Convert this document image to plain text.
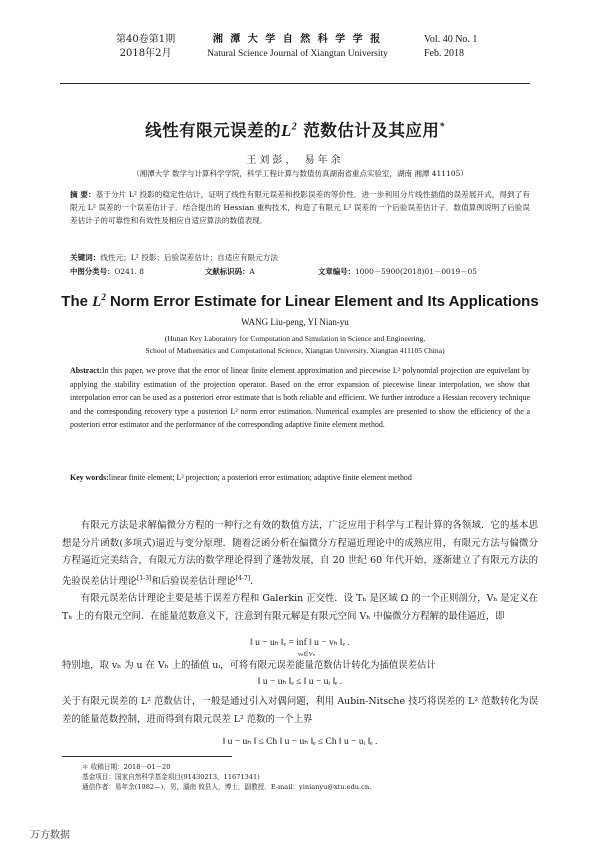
第40卷第1期
2018年2月
湘 潭 大 学 自 然 科 学 学 报
Natural Science Journal of Xiangtan University
Vol. 40 No. 1
Feb. 2018
线性有限元误差的$L^2$ 范数估计及其应用*
王刘彭， 易年余
（湘潭大学 数学与计算科学学院，科学工程计算与数值仿真湖南省重点实验室，湖南 湘潭 411105）
摘 要：基于分片 L² 投影的稳定性估计，证明了线性有限元误差和投影误差的等价性．进一步利用分片线性插值的误差展开式，得到了有限元 L² 误差的一个误差估计子．结合提出的 Hessian 重构技术，构造了有限元 L² 误差的一个后验误差估计子．数值算例说明了后验误差估计子的可靠性和有效性及相应自适应算法的数值表现．
关键词：线性元；L² 投影；后验误差估计；自适应有限元方法
中图分类号：O241. 8	文献标识码：A	文章编号：1000－5900(2018)01－0019－05
The $L^2$ Norm Error Estimate for Linear Element and Its Applications
WANG Liu-peng, YI Nian-yu
(Hunan Key Laboratory for Computation and Simulation in Science and Engineering,
School of Mathematics and Computational Science, Xiangtan University, Xiangtan 411105 China)
Abstract:In this paper, we prove that the error of linear finite element approximation and piecewise L² polynomial projection are equivelant by applying the stability estimation of the projection operator. Based on the error expansion of piecewise linear interpolation, we show that interpolation error can be used as a posteriori error estimate that is both reliable and efficient. We further introduce a Hessian recovery technique and the corresponding recovery type a posteriori L² norm error estimation. Numerical examples are presented to show the efficiency of the a posteriori error estimator and the performance of the corresponding adaptive finite element method.
Key words:linear finite element; L² projection; a posteriori error estimation; adaptive finite element method
有限元方法是求解偏微分方程的一种行之有效的数值方法，广泛应用于科学与工程计算的各领域．它的基本思想是分片函数(多项式)逼近与变分原理．随着泛函分析在偏微分方程逼近理论中的成熟应用，有限元方法与偏微分方程逼近完美结合，有限元方法的数学理论得到了蓬勃发展，自 20 世纪 60 年代开始，逐渐建立了有限元方法的先验误差估计理论[1-3]和后验误差估计理论[4-7]．
有限元误差估计理论主要是基于误差方程和 Galerkin 正交性．设 Tₕ 是区域 Ω 的一个正则剖分，Vₕ 是定义在 Tₕ 上的有限元空间．在能量范数意义下，注意到有限元解是有限元空间 Vₕ 中偏微分方程解的最佳逼近，即
‖ u − uₕ ‖ₑ = inf ‖ u − vₕ ‖ₑ .
vₕ∈Vₕ
特别地，取 vₕ 为 u 在 Vₕ 上的插值 uᵢ，可将有限元误差能量范数估计转化为插值误差估计
‖ u − uₕ ‖ₑ ≤ ‖ u − uᵢ ‖ₑ .
关于有限元误差的 L² 范数估计，一般是通过引入对偶问题，利用 Aubin-Nitsche 技巧将误差的 L² 范数转化为误差的能量范数控制，进而得到有限元误差 L² 范数的一个上界
‖ u − uₕ ‖ ≤ Ch ‖ u − uₕ ‖ₑ ≤ Ch ‖ u − uᵢ ‖ₑ .
＊ 收稿日期：2018－01－20
基金项目：国家自然科学基金项目(91430213，11671341)
通信作者：易年余(1982—)，男，湖南 攸县人，博士，副教授．E-mail：yinianyu@xtu.edu.cn.
万方数据
